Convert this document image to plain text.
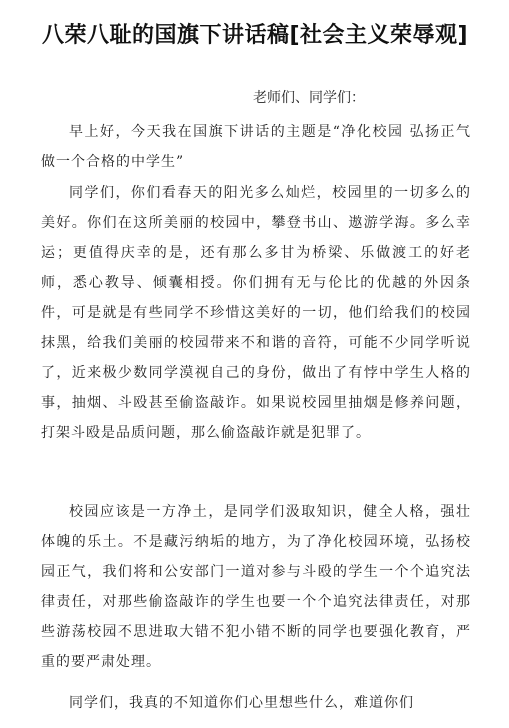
八荣八耻的国旗下讲话稿[社会主义荣辱观]
老师们、同学们：

早上好，今天我在国旗下讲话的主题是“净化校园 弘扬正气 做一个合格的中学生”

同学们，你们看春天的阳光多么灿烂，校园里的一切多么的美好。你们在这所美丽的校园中，攀登书山、遨游学海。多么幸运；更值得庆幸的是，还有那么多甘为桥梁、乐做渡工的好老师，悉心教导、倾囊相授。你们拥有无与伦比的优越的外因条件，可是就是有些同学不珍惜这美好的一切，他们给我们的校园抹黑，给我们美丽的校园带来不和谐的音符，可能不少同学听说了，近来极少数同学漠视自己的身份，做出了有悖中学生人格的事，抽烟、斗殴甚至偷盗敲诈。如果说校园里抽烟是修养问题，打架斗殴是品质问题，那么偷盗敲诈就是犯罪了。

校园应该是一方净土，是同学们汲取知识，健全人格，强壮体魄的乐土。不是藏污纳垢的地方，为了净化校园环境，弘扬校园正气，我们将和公安部门一道对参与斗殴的学生一个个追究法律责任，对那些偷盗敲诈的学生也要一个个追究法律责任，对那些游荡校园不思进取大错不犯小错不断的同学也要强化教育，严重的要严肃处理。

同学们，我真的不知道你们心里想些什么，难道你们
